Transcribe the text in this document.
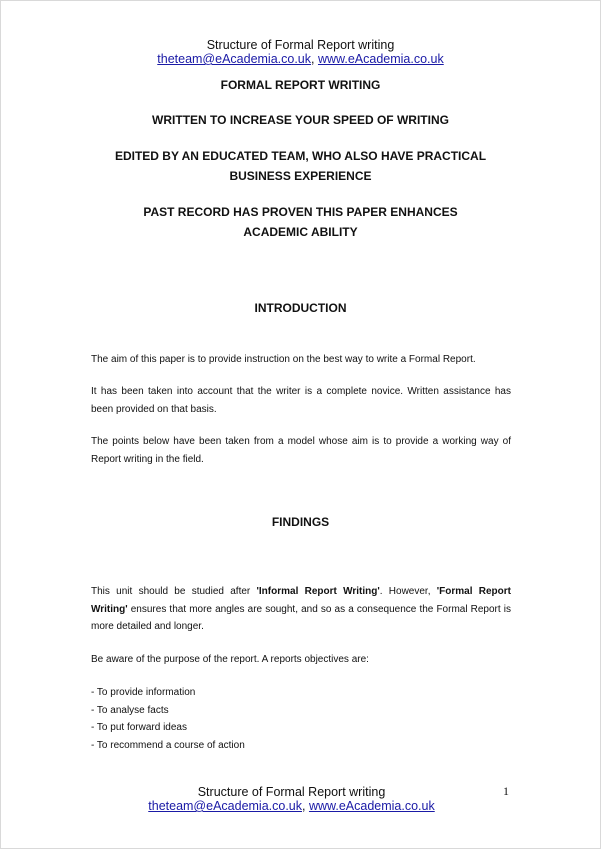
Structure of Formal Report writing
theteam@eAcademia.co.uk, www.eAcademia.co.uk
FORMAL REPORT WRITING
WRITTEN TO INCREASE YOUR SPEED OF WRITING
EDITED BY AN EDUCATED TEAM, WHO ALSO HAVE PRACTICAL
BUSINESS EXPERIENCE
PAST RECORD HAS PROVEN THIS PAPER ENHANCES
ACADEMIC ABILITY
INTRODUCTION
The aim of this paper is to provide instruction on the best way to write a Formal Report.
It has been taken into account that the writer is a complete novice. Written assistance has been provided on that basis.
The points below have been taken from a model whose aim is to provide a working way of Report writing in the field.
FINDINGS
This unit should be studied after 'Informal Report Writing'. However, 'Formal Report Writing' ensures that more angles are sought, and so as a consequence the Formal Report is more detailed and longer.
Be aware of the purpose of the report. A reports objectives are:
- To provide information
- To analyse facts
- To put forward ideas
- To recommend a course of action
Structure of Formal Report writing
theteam@eAcademia.co.uk, www.eAcademia.co.uk
1
